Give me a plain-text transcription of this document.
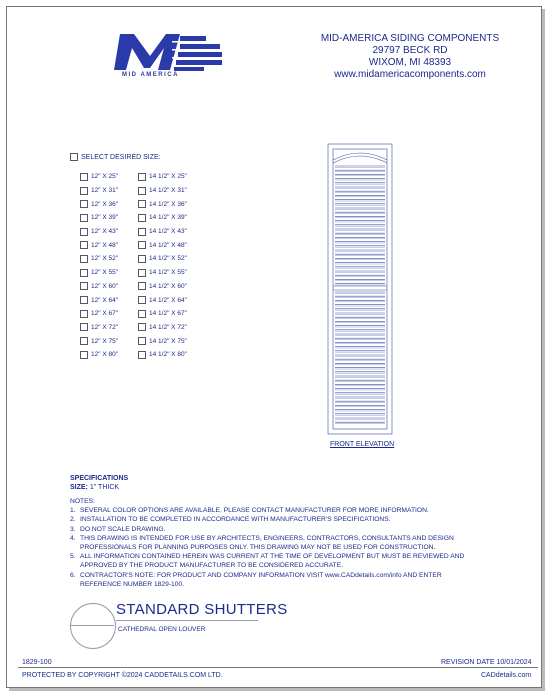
MID AMERICA
MID-AMERICA SIDING COMPONENTS
29797 BECK RD
WIXOM, MI 48393
www.midamericacomponents.com
SELECT DESIRED SIZE:
12" X 25"
12" X 31"
12" X 36"
12" X 39"
12" X 43"
12" X 48"
12" X 52"
12" X 55"
12" X 60"
12" X 64"
12" X 67"
12" X 72"
12" X 75"
12" X 80"
14 1/2" X 25"
14 1/2" X 31"
14 1/2" X 36"
14 1/2" X 39"
14 1/2" X 43"
14 1/2" X 48"
14 1/2" X 52"
14 1/2" X 55"
14 1/2" X 60"
14 1/2" X 64"
14 1/2" X 67"
14 1/2" X 72"
14 1/2" X 75"
14 1/2" X 80"
FRONT ELEVATION
SPECIFICATIONS
SIZE: 1" THICK
NOTES:
1. SEVERAL COLOR OPTIONS ARE AVAILABLE, PLEASE CONTACT MANUFACTURER FOR MORE INFORMATION.
2. INSTALLATION TO BE COMPLETED IN ACCORDANCE WITH MANUFACTURER'S SPECIFICATIONS.
3. DO NOT SCALE DRAWING.
4. THIS DRAWING IS INTENDED FOR USE BY ARCHITECTS, ENGINEERS, CONTRACTORS, CONSULTANTS AND DESIGN
PROFESSIONALS FOR PLANNING PURPOSES ONLY. THIS DRAWING MAY NOT BE USED FOR CONSTRUCTION.
5. ALL INFORMATION CONTAINED HEREIN WAS CURRENT AT THE TIME OF DEVELOPMENT BUT MUST BE REVIEWED AND
APPROVED BY THE PRODUCT MANUFACTURER TO BE CONSIDERED ACCURATE.
6. CONTRACTOR'S NOTE: FOR PRODUCT AND COMPANY INFORMATION VISIT www.CADdetails.com/info AND ENTER
REFERENCE NUMBER 1829-100.
STANDARD SHUTTERS
CATHEDRAL OPEN LOUVER
1829-100	REVISION DATE 10/01/2024
PROTECTED BY COPYRIGHT ©2024 CADDETAILS.COM LTD.	CADdetails.com
